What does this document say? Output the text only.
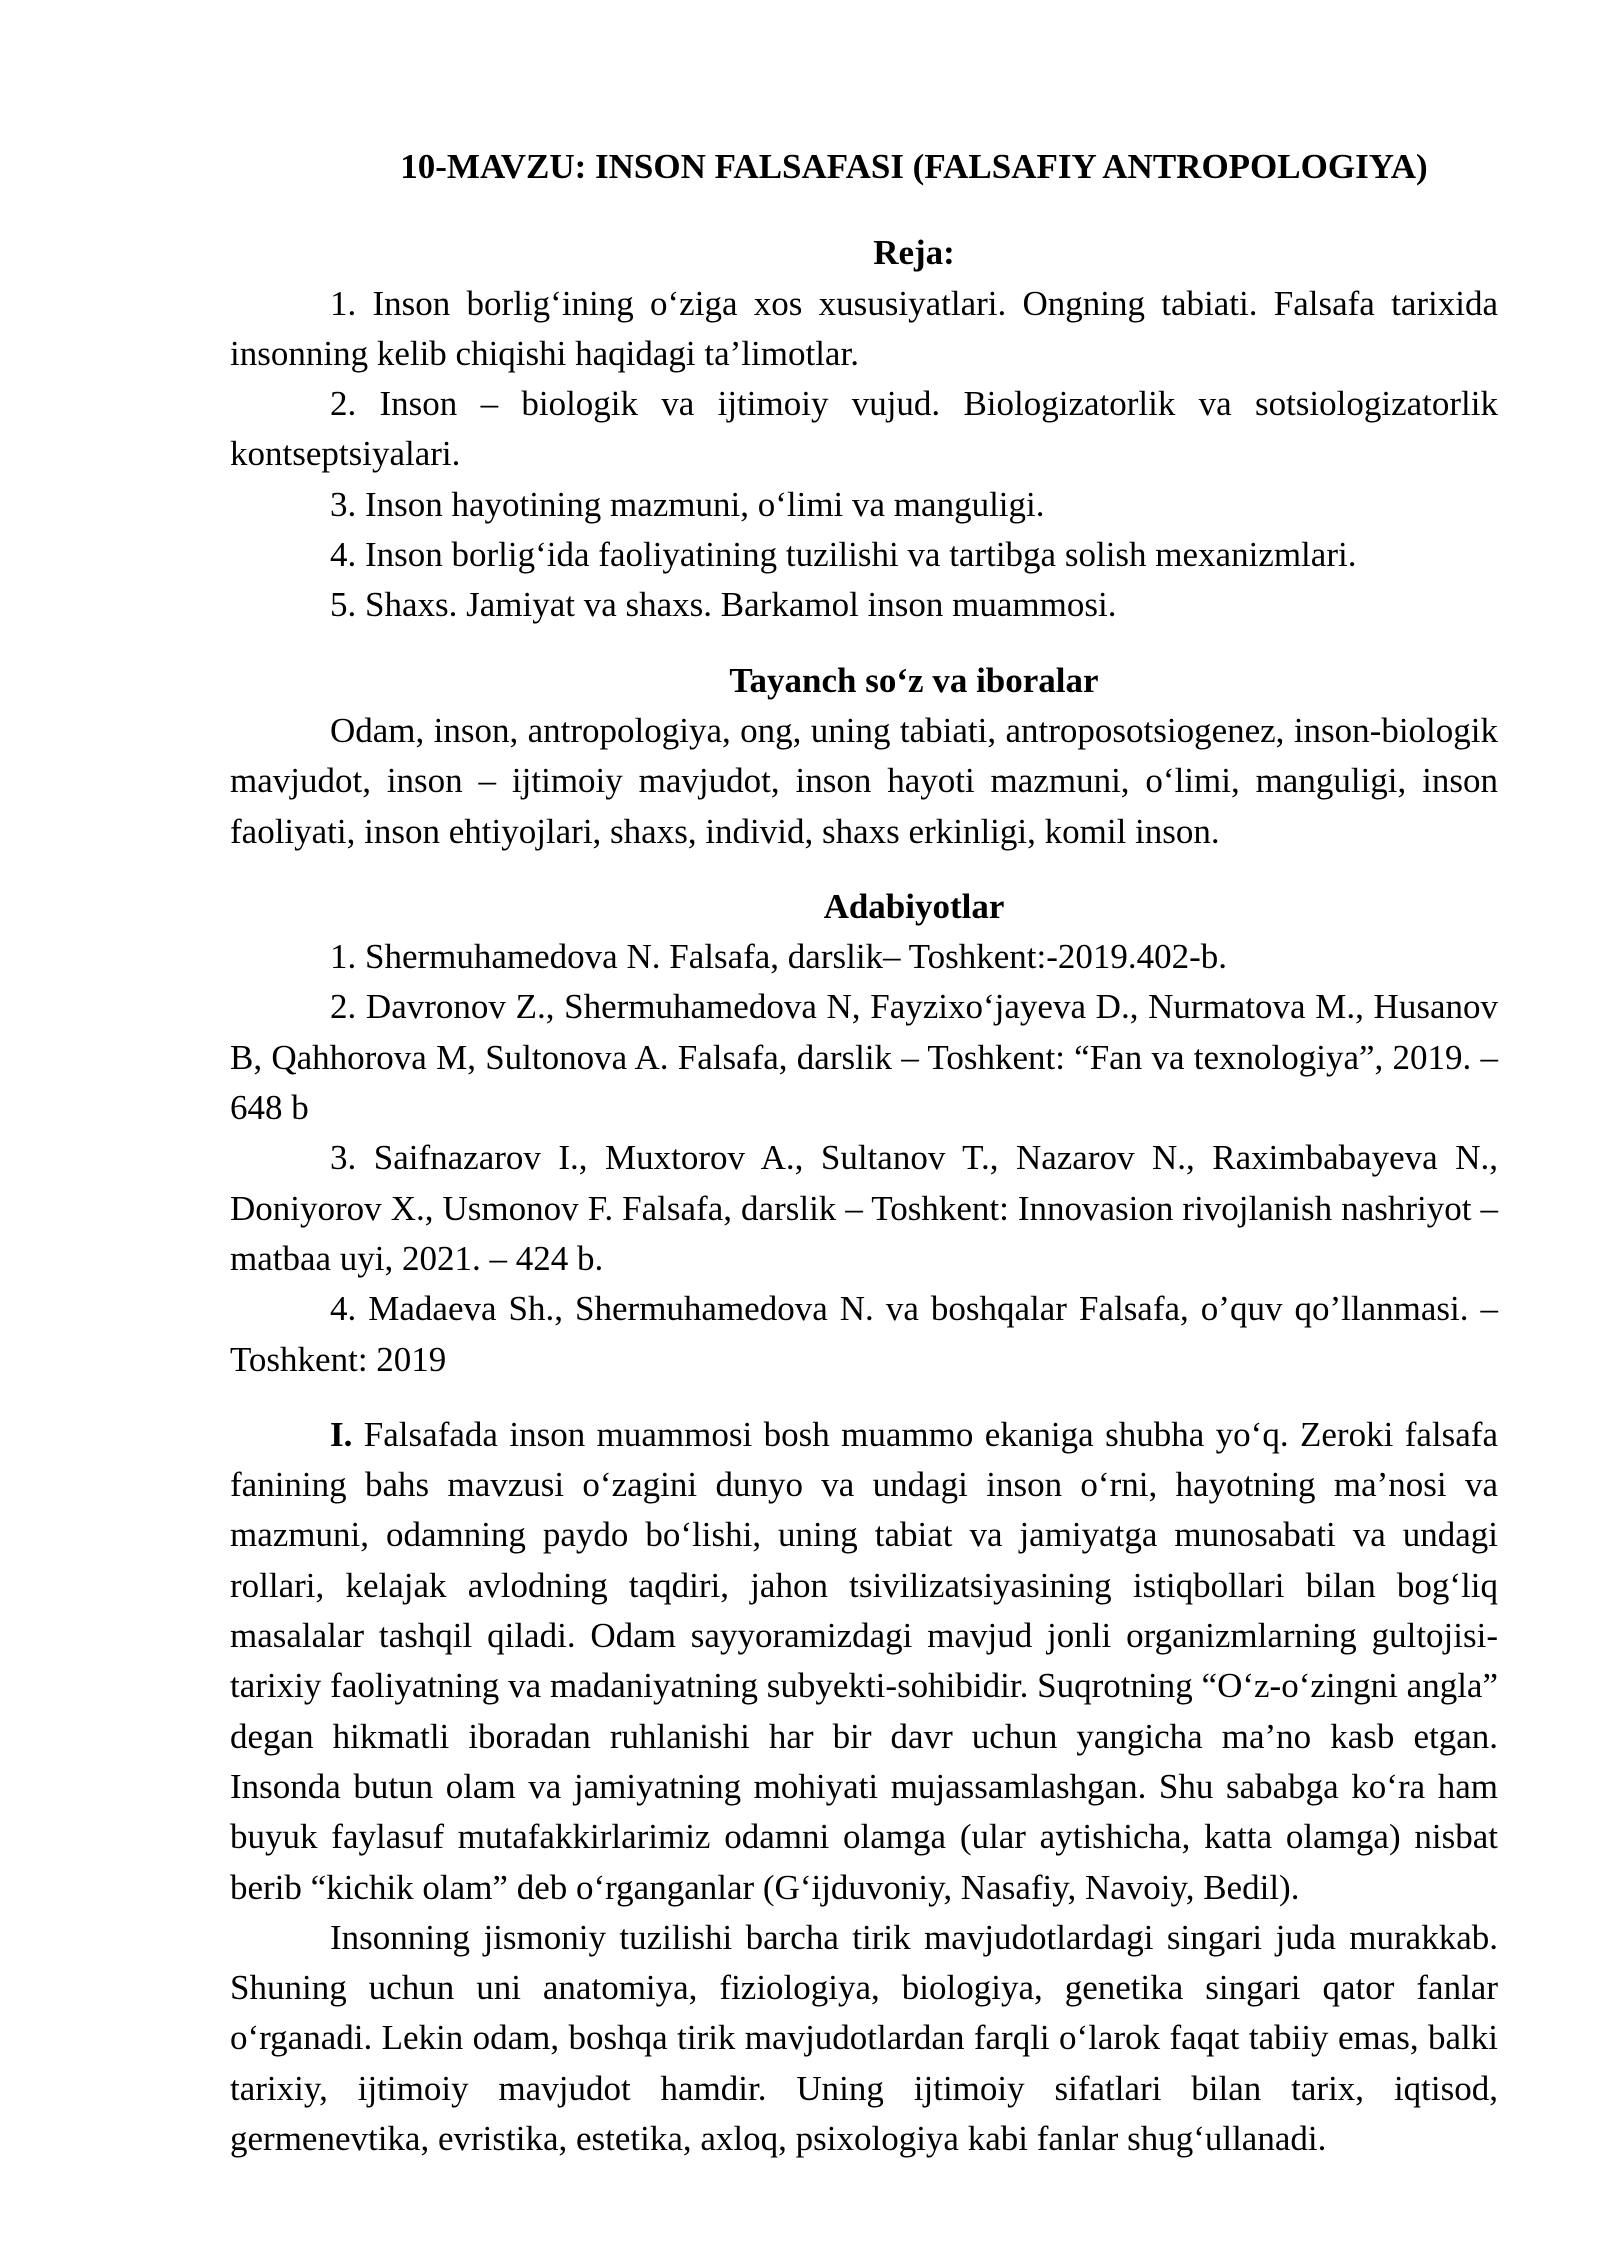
10-MAVZU: INSON FALSAFASI (FALSAFIY ANTROPOLOGIYA)

Reja:

1. Inson borligʻining oʻziga xos xususiyatlari. Ongning tabiati. Falsafa tarixida insonning kelib chiqishi haqidagi ta’limotlar.

2. Inson – biologik va ijtimoiy vujud. Biologizatorlik va sotsiologizatorlik kontseptsiyalari.

3. Inson hayotining mazmuni, oʻlimi va manguligi.

4. Inson borligʻida faoliyatining tuzilishi va tartibga solish mexanizmlari.

5. Shaxs. Jamiyat va shaxs. Barkamol inson muammosi.

Tayanch soʻz va iboralar

Odam, inson, antropologiya, ong, uning tabiati, antroposotsiogenez, inson-biologik mavjudot, inson – ijtimoiy mavjudot, inson hayoti mazmuni, oʻlimi, manguligi, inson faoliyati, inson ehtiyojlari, shaxs, individ, shaxs erkinligi, komil inson.

Adabiyotlar

1. Shermuhamedova N. Falsafa, darslik– Toshkent:-2019.402-b.

2. Davronov Z., Shermuhamedova N, Fayzixoʻjayeva D., Nurmatova M., Husanov B, Qahhorova M, Sultonova A. Falsafa, darslik – Toshkent: “Fan va texnologiya”, 2019. – 648 b

3. Saifnazarov I., Muxtorov A., Sultanov T., Nazarov N., Raximbabayeva N., Doniyorov X., Usmonov F. Falsafa, darslik – Toshkent: Innovasion rivojlanish nashriyot –matbaa uyi, 2021. – 424 b.

4. Madaeva Sh., Shermuhamedova N. va boshqalar Falsafa, o’quv qo’llanmasi. –Toshkent: 2019

I. Falsafada inson muammosi bosh muammo ekaniga shubha yoʻq. Zeroki falsafa fanining bahs mavzusi oʻzagini dunyo va undagi inson oʻrni, hayotning ma’nosi va mazmuni, odamning paydo boʻlishi, uning tabiat va jamiyatga munosabati va undagi rollari, kelajak avlodning taqdiri, jahon tsivilizatsiyasining istiqbollari bilan bogʻliq masalalar tashqil qiladi. Odam sayyoramizdagi mavjud jonli organizmlarning gultojisi- tarixiy faoliyatning va madaniyatning subyekti-sohibidir. Suqrotning “Oʻz-oʻzingni angla” degan hikmatli iboradan ruhlanishi har bir davr uchun yangicha ma’no kasb etgan. Insonda butun olam va jamiyatning mohiyati mujassamlashgan. Shu sababga koʻra ham buyuk faylasuf mutafakkirlarimiz odamni olamga (ular aytishicha, katta olamga) nisbat berib “kichik olam” deb oʻrganganlar (Gʻijduvoniy, Nasafiy, Navoiy, Bedil).

Insonning jismoniy tuzilishi barcha tirik mavjudotlardagi singari juda murakkab. Shuning uchun uni anatomiya, fiziologiya, biologiya, genetika singari qator fanlar oʻrganadi. Lekin odam, boshqa tirik mavjudotlardan farqli oʻlarok faqat tabiiy emas, balki tarixiy, ijtimoiy mavjudot hamdir. Uning ijtimoiy sifatlari bilan tarix, iqtisod, germenevtika, evristika, estetika, axloq, psixologiya kabi fanlar shugʻullanadi.
